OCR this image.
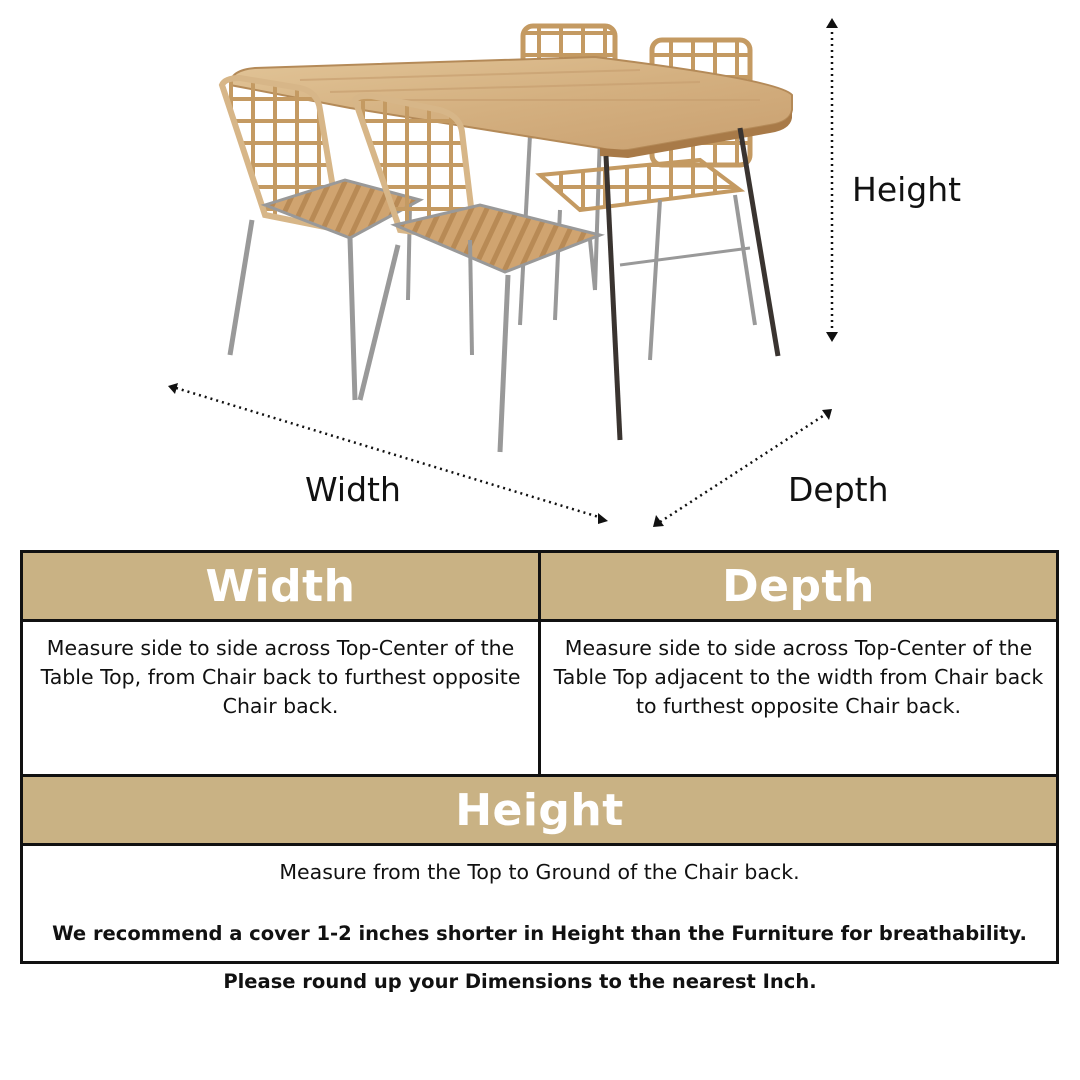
Height
Width	Depth
Width	Depth

Measure side to side across Top-Center of the Table Top, from Chair back to furthest opposite Chair back.	Measure side to side across Top-Center of the Table Top adjacent to the width from Chair back to furthest opposite Chair back.

Height	

Measure from the Top to Ground of the Chair back.
We recommend a cover 1-2 inches shorter in Height than the Furniture for breathability.	
Please round up your Dimensions to the nearest Inch.
